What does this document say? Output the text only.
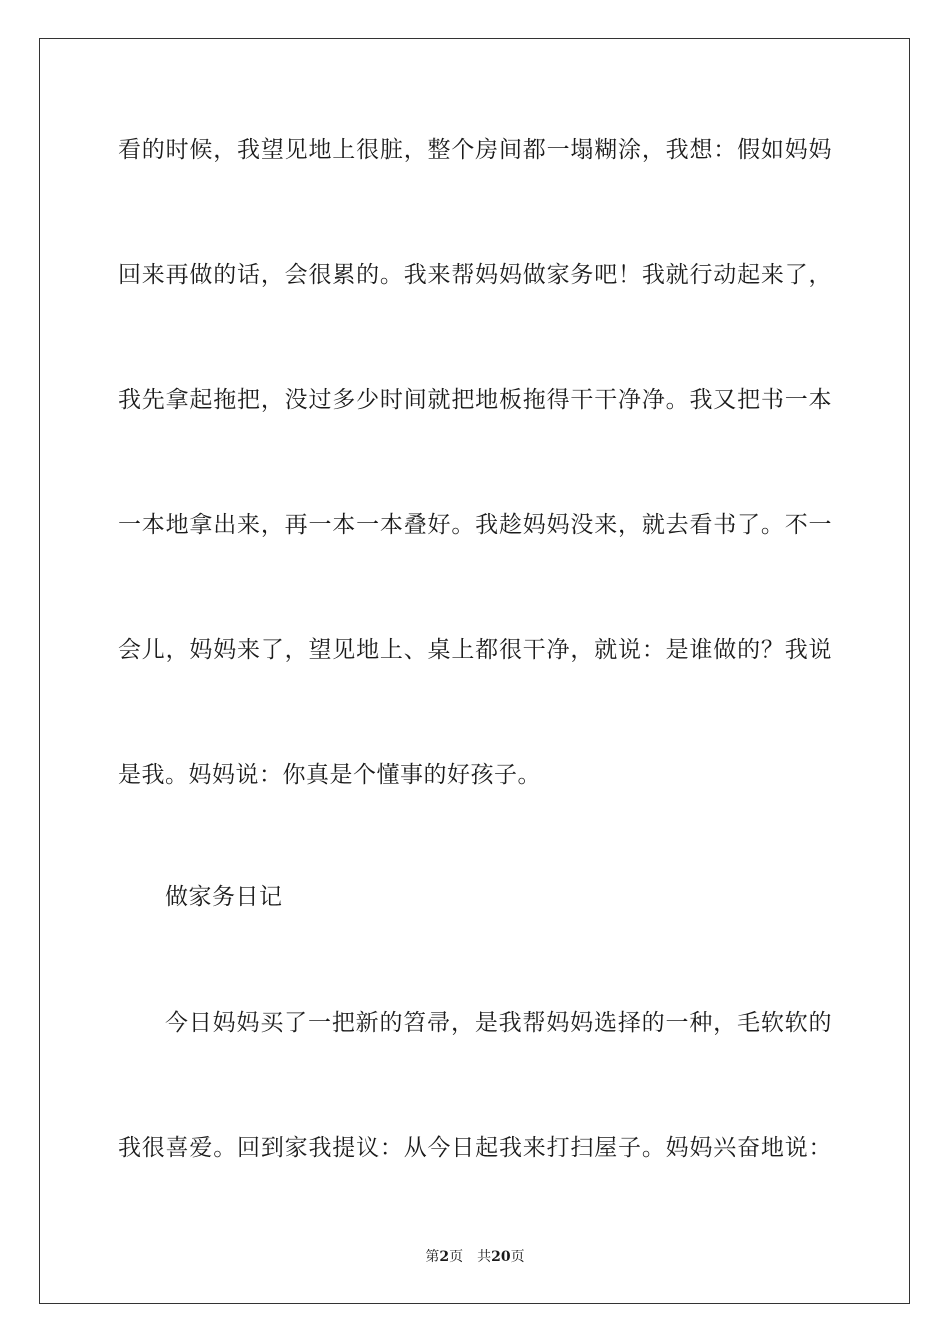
看的时候，我望见地上很脏，整个房间都一塌糊涂，我想：假如妈妈
回来再做的话，会很累的。我来帮妈妈做家务吧！我就行动起来了，
我先拿起拖把，没过多少时间就把地板拖得干干净净。我又把书一本
一本地拿出来，再一本一本叠好。我趁妈妈没来，就去看书了。不一
会儿，妈妈来了，望见地上、桌上都很干净，就说：是谁做的？我说
是我。妈妈说：你真是个懂事的好孩子。
做家务日记
今日妈妈买了一把新的笤帚，是我帮妈妈选择的一种，毛软软的
我很喜爱。回到家我提议：从今日起我来打扫屋子。妈妈兴奋地说：
第2页 共20页
